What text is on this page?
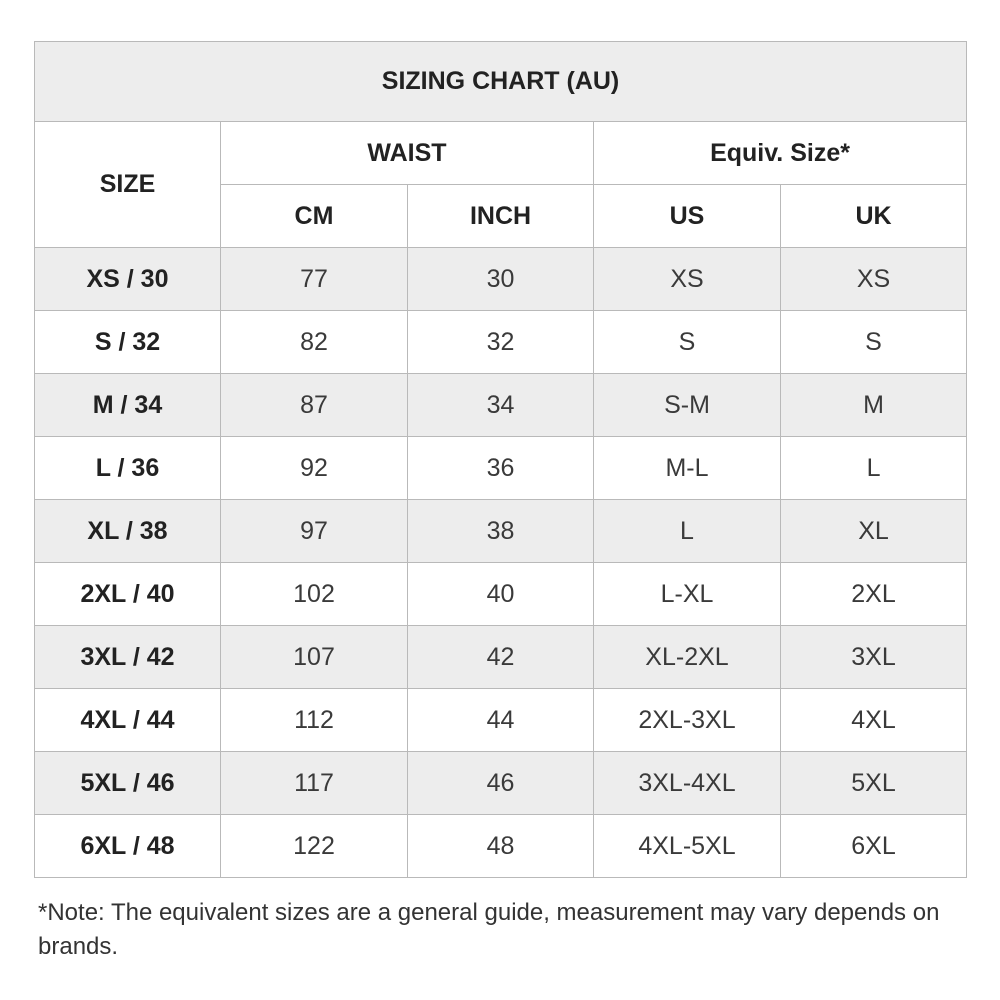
SIZING CHART (AU)				
SIZE	WAIST		Equiv. Size*	
	CM	INCH	US	UK
XS / 30	77	30	XS	XS
S / 32	82	32	S	S
M / 34	87	34	S-M	M
L / 36	92	36	M-L	L
XL / 38	97	38	L	XL
2XL / 40	102	40	L-XL	2XL
3XL / 42	107	42	XL-2XL	3XL
4XL / 44	112	44	2XL-3XL	4XL
5XL / 46	117	46	3XL-4XL	5XL
6XL / 48	122	48	4XL-5XL	6XL
*Note: The equivalent sizes are a general guide, measurement may vary depends on brands.
